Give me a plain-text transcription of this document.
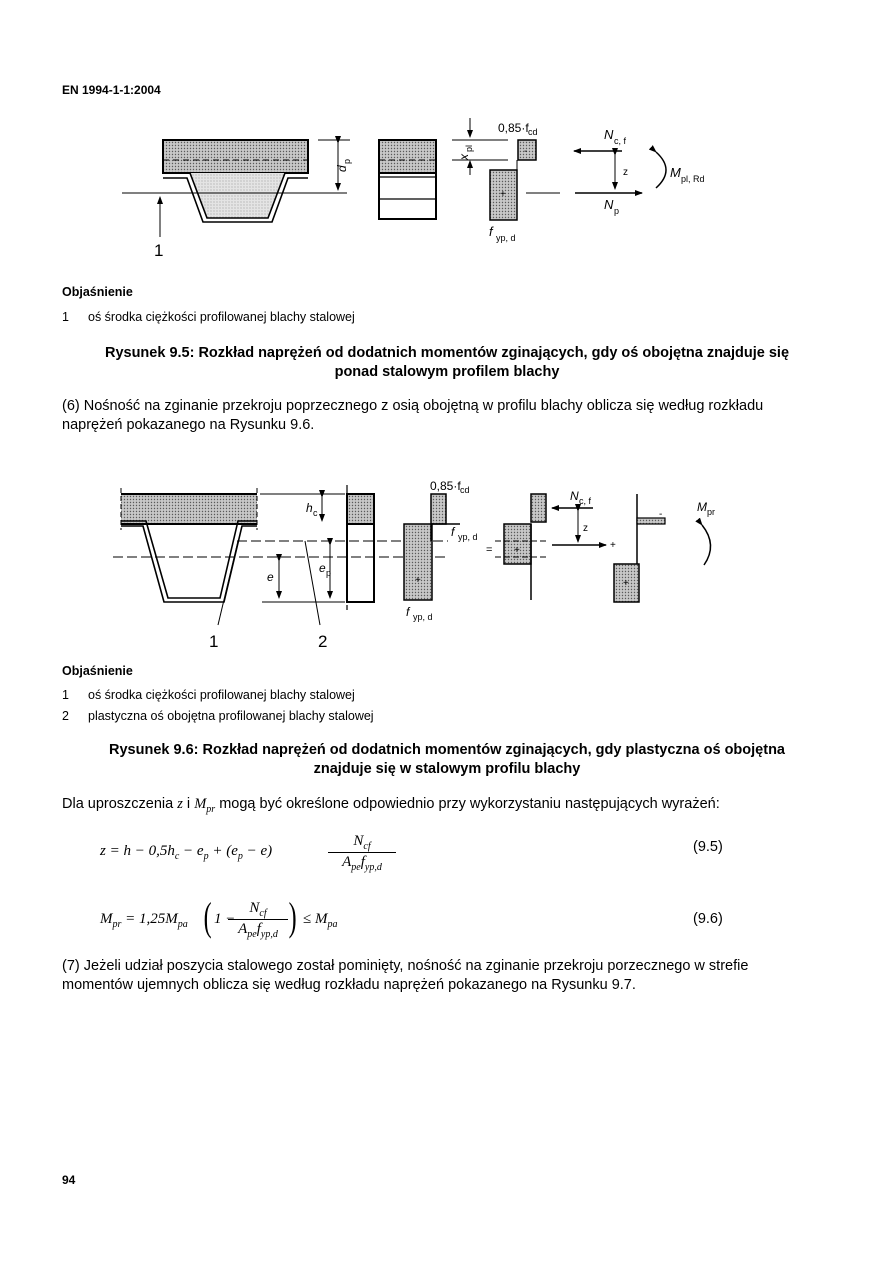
EN 1994-1-1:2004
1
d
p
x
pl
0,85·f cd
-
+
f yp, d
N c, f
z
N p
M pl, Rd
Objaśnienie
1 oś środka ciężkości profilowanej blachy stalowej
Rysunek 9.5: Rozkład naprężeń od dodatnich momentów zginających, gdy oś obojętna znajduje się
ponad stalowym profilem blachy
(6) Nośność na zginanie przekroju poprzecznego z osią obojętną w profilu blachy oblicza się według rozkładu
naprężeń pokazanego na Rysunku 9.6.
1	2
h c
e
e p
0,85·f cd
f yp, d
f yp, d
+
= +
N c, f
z
+
-
+
M pr
Objaśnienie
1 oś środka ciężkości profilowanej blachy stalowej
2 plastyczna oś obojętna profilowanej blachy stalowej
Rysunek 9.6: Rozkład naprężeń od dodatnich momentów zginających, gdy plastyczna oś obojętna
znajduje się w stalowym profilu blachy
Dla uproszczenia z i $M_{pr}$ mogą być określone odpowiednio przy wykorzystaniu następujących wyrażeń:
$z = h - 0,5h_c - e_p + (e_p - e)$
$N_{cf}$
$A_{pe}f_{yp,d}$
(9.5)
$M_{pr} = 1,25M_{pa}$ ( 1 −
$N_{cf}$
$A_{pe}f_{yp,d}$ ) ≤ $M_{pa}$	(9.6)
(7) Jeżeli udział poszycia stalowego został pominięty, nośność na zginanie przekroju porzecznego w strefie
momentów ujemnych oblicza się według rozkładu naprężeń pokazanego na Rysunku 9.7.
94
